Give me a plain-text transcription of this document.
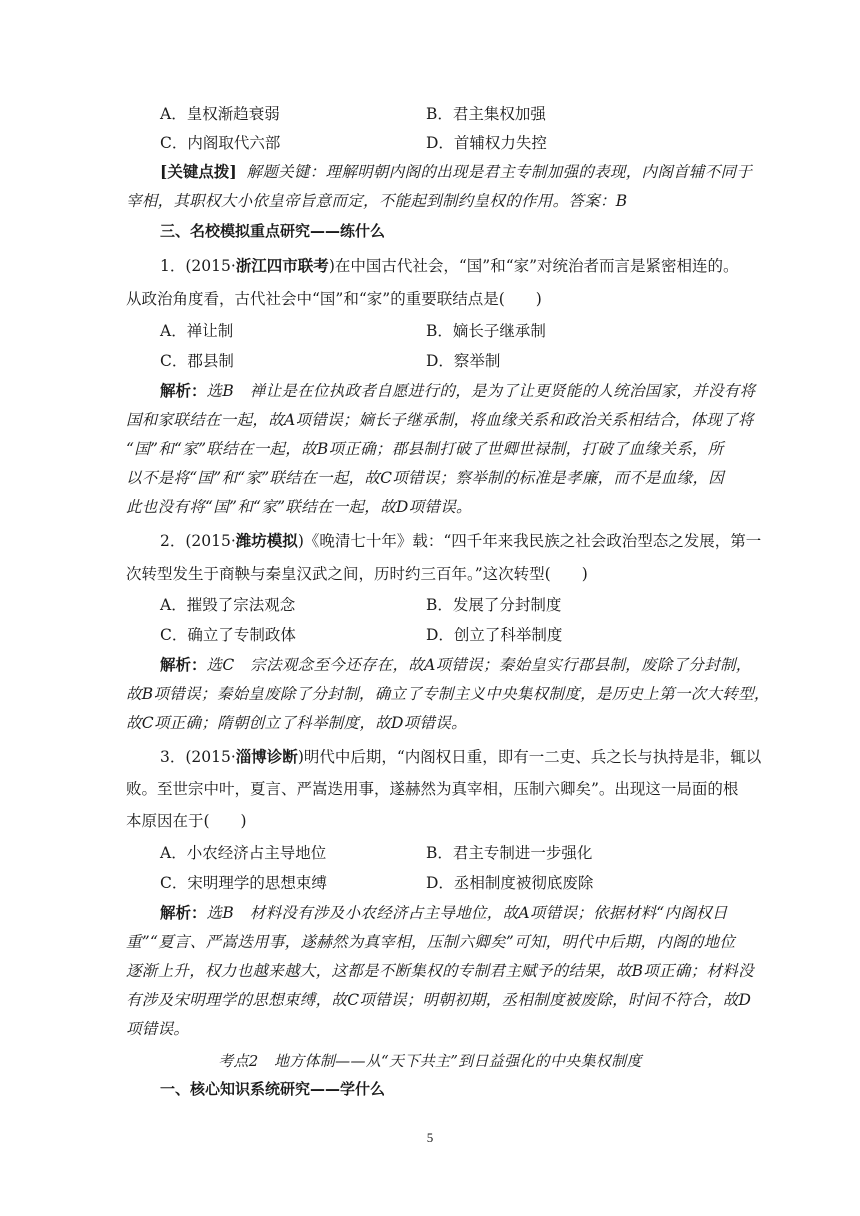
A．皇权渐趋衰弱	B．君主集权加强
C．内阁取代六部	D．首辅权力失控
[关键点拨] 解题关键：理解明朝内阁的出现是君主专制加强的表现，内阁首辅不同于
宰相，其职权大小依皇帝旨意而定，不能起到制约皇权的作用。答案：B
三、名校模拟重点研究——练什么
1．(2015·浙江四市联考)在中国古代社会，“国”和“家”对统治者而言是紧密相连的。
从政治角度看，古代社会中“国”和“家”的重要联结点是(　　)
A．禅让制	B．嫡长子继承制
C．郡县制	D．察举制
解析：选B　禅让是在位执政者自愿进行的，是为了让更贤能的人统治国家，并没有将
国和家联结在一起，故A项错误；嫡长子继承制，将血缘关系和政治关系相结合，体现了将
“国”和“家”联结在一起，故B项正确；郡县制打破了世卿世禄制，打破了血缘关系，所
以不是将“国”和“家”联结在一起，故C项错误；察举制的标准是孝廉，而不是血缘，因
此也没有将“国”和“家”联结在一起，故D项错误。
2．(2015·潍坊模拟)《晚清七十年》载：“四千年来我民族之社会政治型态之发展，第一
次转型发生于商鞅与秦皇汉武之间，历时约三百年。”这次转型(　　)
A．摧毁了宗法观念	B．发展了分封制度
C．确立了专制政体	D．创立了科举制度
解析：选C　宗法观念至今还存在，故A项错误；秦始皇实行郡县制，废除了分封制，
故B项错误；秦始皇废除了分封制，确立了专制主义中央集权制度，是历史上第一次大转型，
故C项正确；隋朝创立了科举制度，故D项错误。
3．(2015·淄博诊断)明代中后期，“内阁权日重，即有一二吏、兵之长与执持是非，辄以
败。至世宗中叶，夏言、严嵩迭用事，遂赫然为真宰相，压制六卿矣”。出现这一局面的根
本原因在于(　　)
A．小农经济占主导地位	B．君主专制进一步强化
C．宋明理学的思想束缚	D．丞相制度被彻底废除
解析：选B　材料没有涉及小农经济占主导地位，故A项错误；依据材料“内阁权日
重”“夏言、严嵩迭用事，遂赫然为真宰相，压制六卿矣”可知，明代中后期，内阁的地位
逐渐上升，权力也越来越大，这都是不断集权的专制君主赋予的结果，故B项正确；材料没
有涉及宋明理学的思想束缚，故C项错误；明朝初期，丞相制度被废除，时间不符合，故D
项错误。
考点2　地方体制——从“天下共主”到日益强化的中央集权制度
一、核心知识系统研究——学什么
5
